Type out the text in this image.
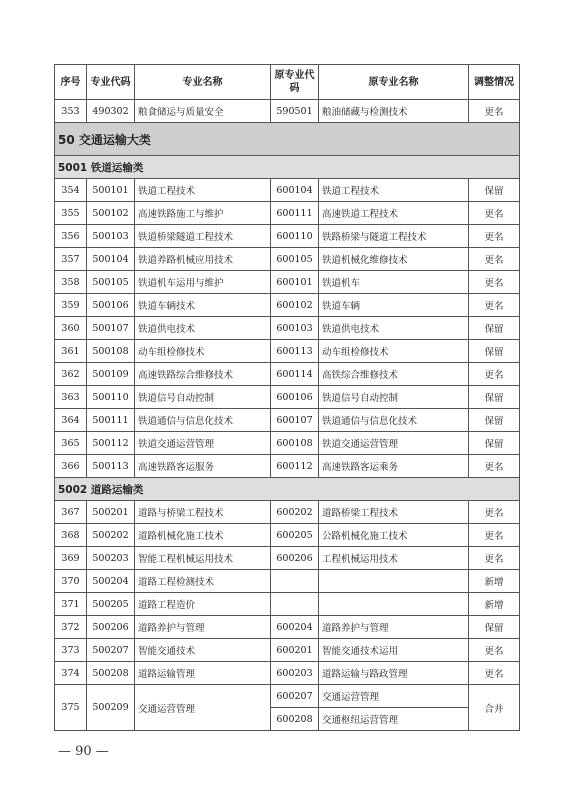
序号	专业代码	专业名称	原专业代码	原专业名称	调整情况
353	490302	粮食储运与质量安全	590501	粮油储藏与检测技术	更名
50 交通运输大类					
5001 铁道运输类					
354	500101	铁道工程技术	600104	铁道工程技术	保留
355	500102	高速铁路施工与维护	600111	高速铁道工程技术	更名
356	500103	铁道桥梁隧道工程技术	600110	铁路桥梁与隧道工程技术	更名
357	500104	铁道养路机械应用技术	600105	铁道机械化维修技术	更名
358	500105	铁道机车运用与维护	600101	铁道机车	更名
359	500106	铁道车辆技术	600102	铁道车辆	更名
360	500107	铁道供电技术	600103	铁道供电技术	保留
361	500108	动车组检修技术	600113	动车组检修技术	保留
362	500109	高速铁路综合维修技术	600114	高铁综合维修技术	更名
363	500110	铁道信号自动控制	600106	铁道信号自动控制	保留
364	500111	铁道通信与信息化技术	600107	铁道通信与信息化技术	保留
365	500112	铁道交通运营管理	600108	铁道交通运营管理	保留
366	500113	高速铁路客运服务	600112	高速铁路客运乘务	更名
5002 道路运输类					
367	500201	道路与桥梁工程技术	600202	道路桥梁工程技术	更名
368	500202	道路机械化施工技术	600205	公路机械化施工技术	更名
369	500203	智能工程机械运用技术	600206	工程机械运用技术	更名
370	500204	道路工程检测技术			新增
371	500205	道路工程造价			新增
372	500206	道路养护与管理	600204	道路养护与管理	保留
373	500207	智能交通技术	600201	智能交通技术运用	更名
374	500208	道路运输管理	600203	道路运输与路政管理	更名
375	500209	交通运营管理	600207	交通运营管理	合并
			600208	交通枢纽运营管理	
— 90 —
